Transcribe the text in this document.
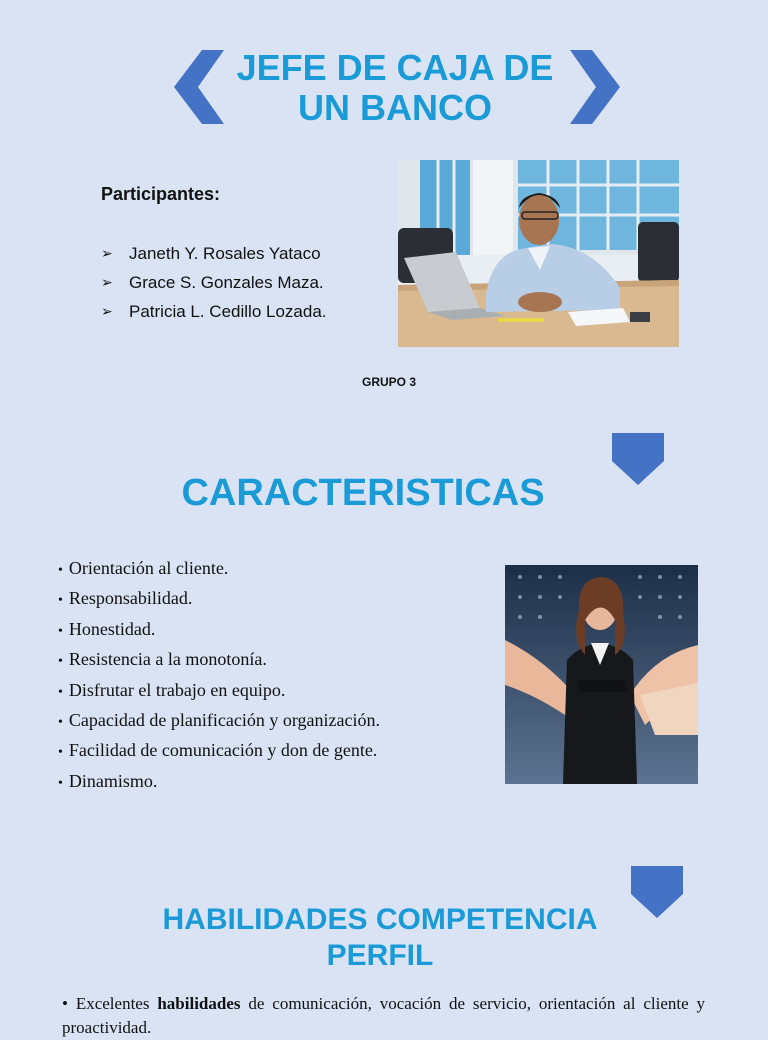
JEFE DE CAJA DE UN BANCO
Participantes:
➢ Janeth Y. Rosales Yataco
➢ Grace S. Gonzales Maza.
➢ Patricia L. Cedillo Lozada.
GRUPO 3
CARACTERISTICAS
• Orientación al cliente.
• Responsabilidad.
• Honestidad.
• Resistencia a la monotonía.
• Disfrutar el trabajo en equipo.
• Capacidad de planificación y organización.
• Facilidad de comunicación y don de gente.
• Dinamismo.
HABILIDADES COMPETENCIA
PERFIL
• Excelentes habilidades de comunicación, vocación de servicio, orientación al cliente y proactividad.
